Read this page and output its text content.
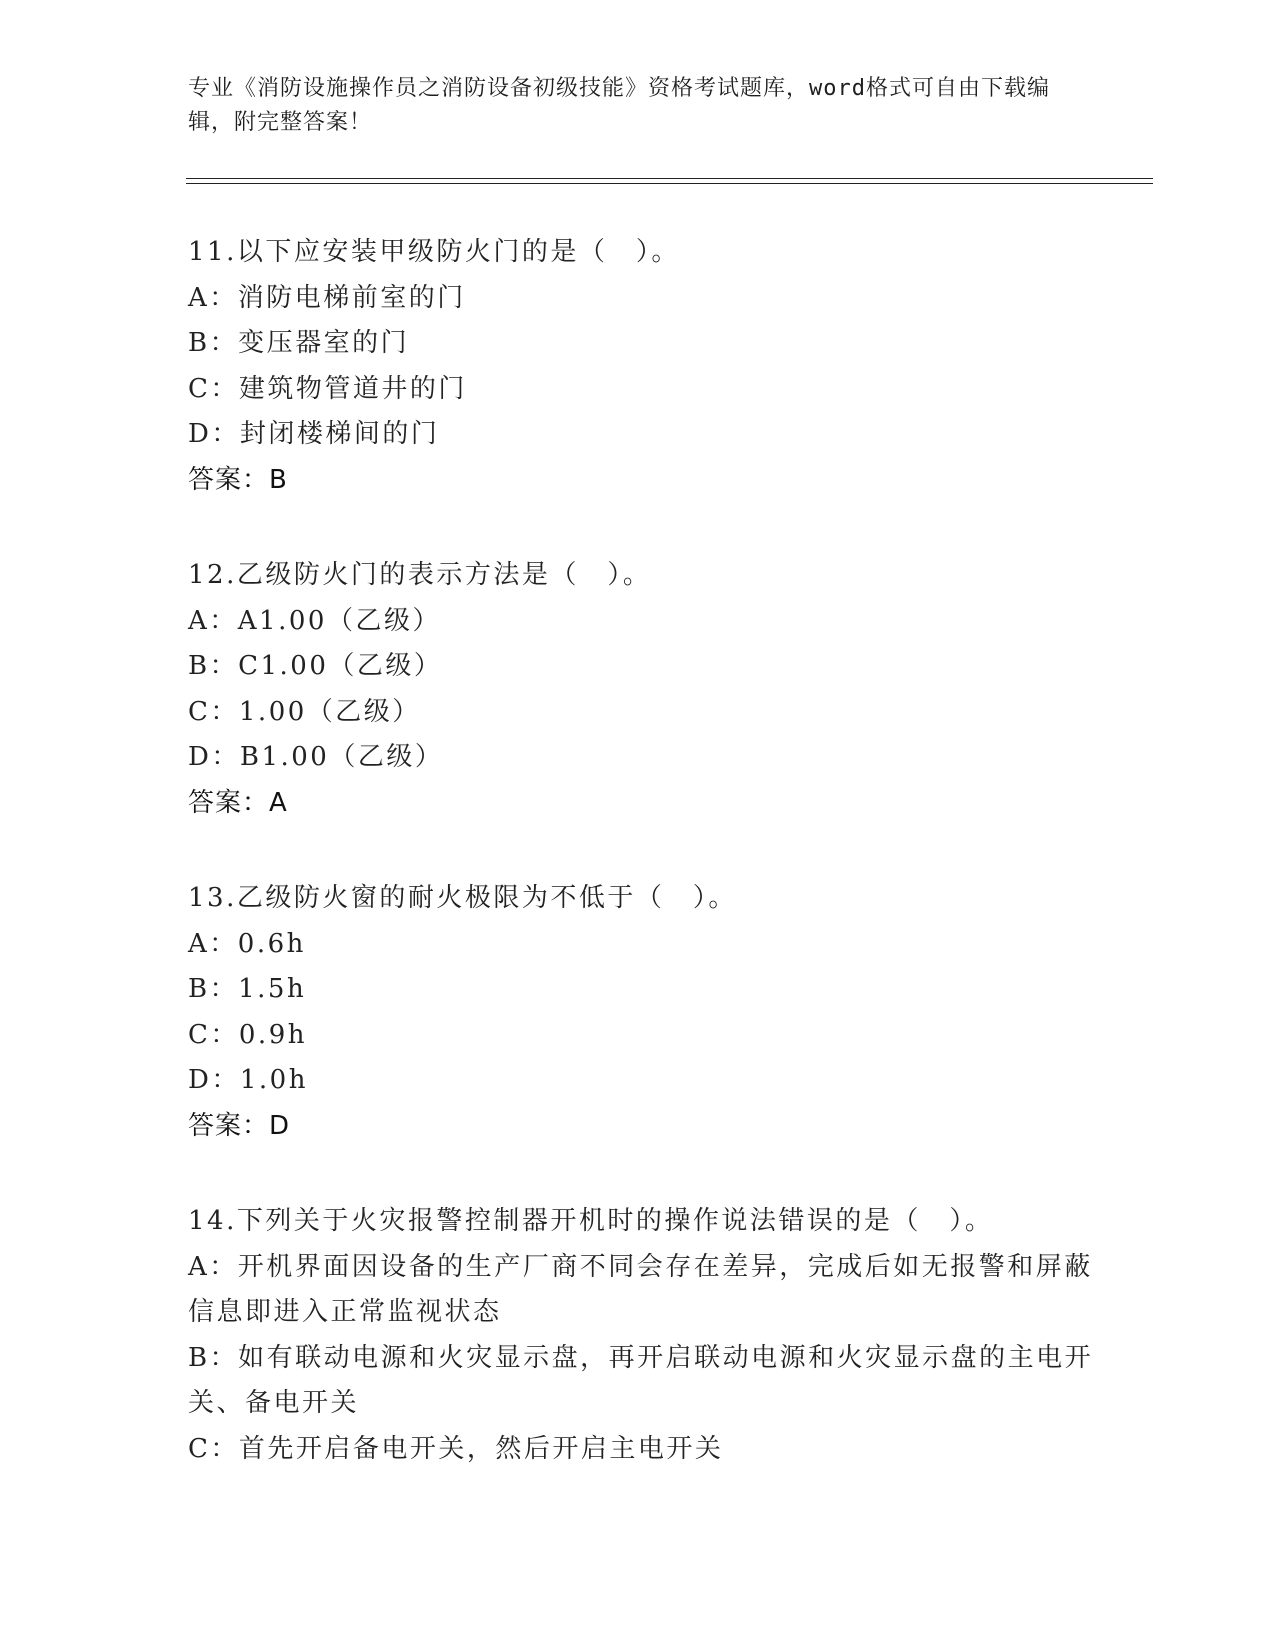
专业《消防设施操作员之消防设备初级技能》资格考试题库，word格式可自由下载编辑，附完整答案！
11.以下应安装甲级防火门的是（　）。
A：消防电梯前室的门
B：变压器室的门
C：建筑物管道井的门
D：封闭楼梯间的门
答案：B
12.乙级防火门的表示方法是（　）。
A：A1.00（乙级）
B：C1.00（乙级）
C：1.00（乙级）
D：B1.00（乙级）
答案：A
13.乙级防火窗的耐火极限为不低于（　）。
A：0.6h
B：1.5h
C：0.9h
D：1.0h
答案：D
14.下列关于火灾报警控制器开机时的操作说法错误的是（　）。
A：开机界面因设备的生产厂商不同会存在差异，完成后如无报警和屏蔽信息即进入正常监视状态
B：如有联动电源和火灾显示盘，再开启联动电源和火灾显示盘的主电开关、备电开关
C：首先开启备电开关，然后开启主电开关
